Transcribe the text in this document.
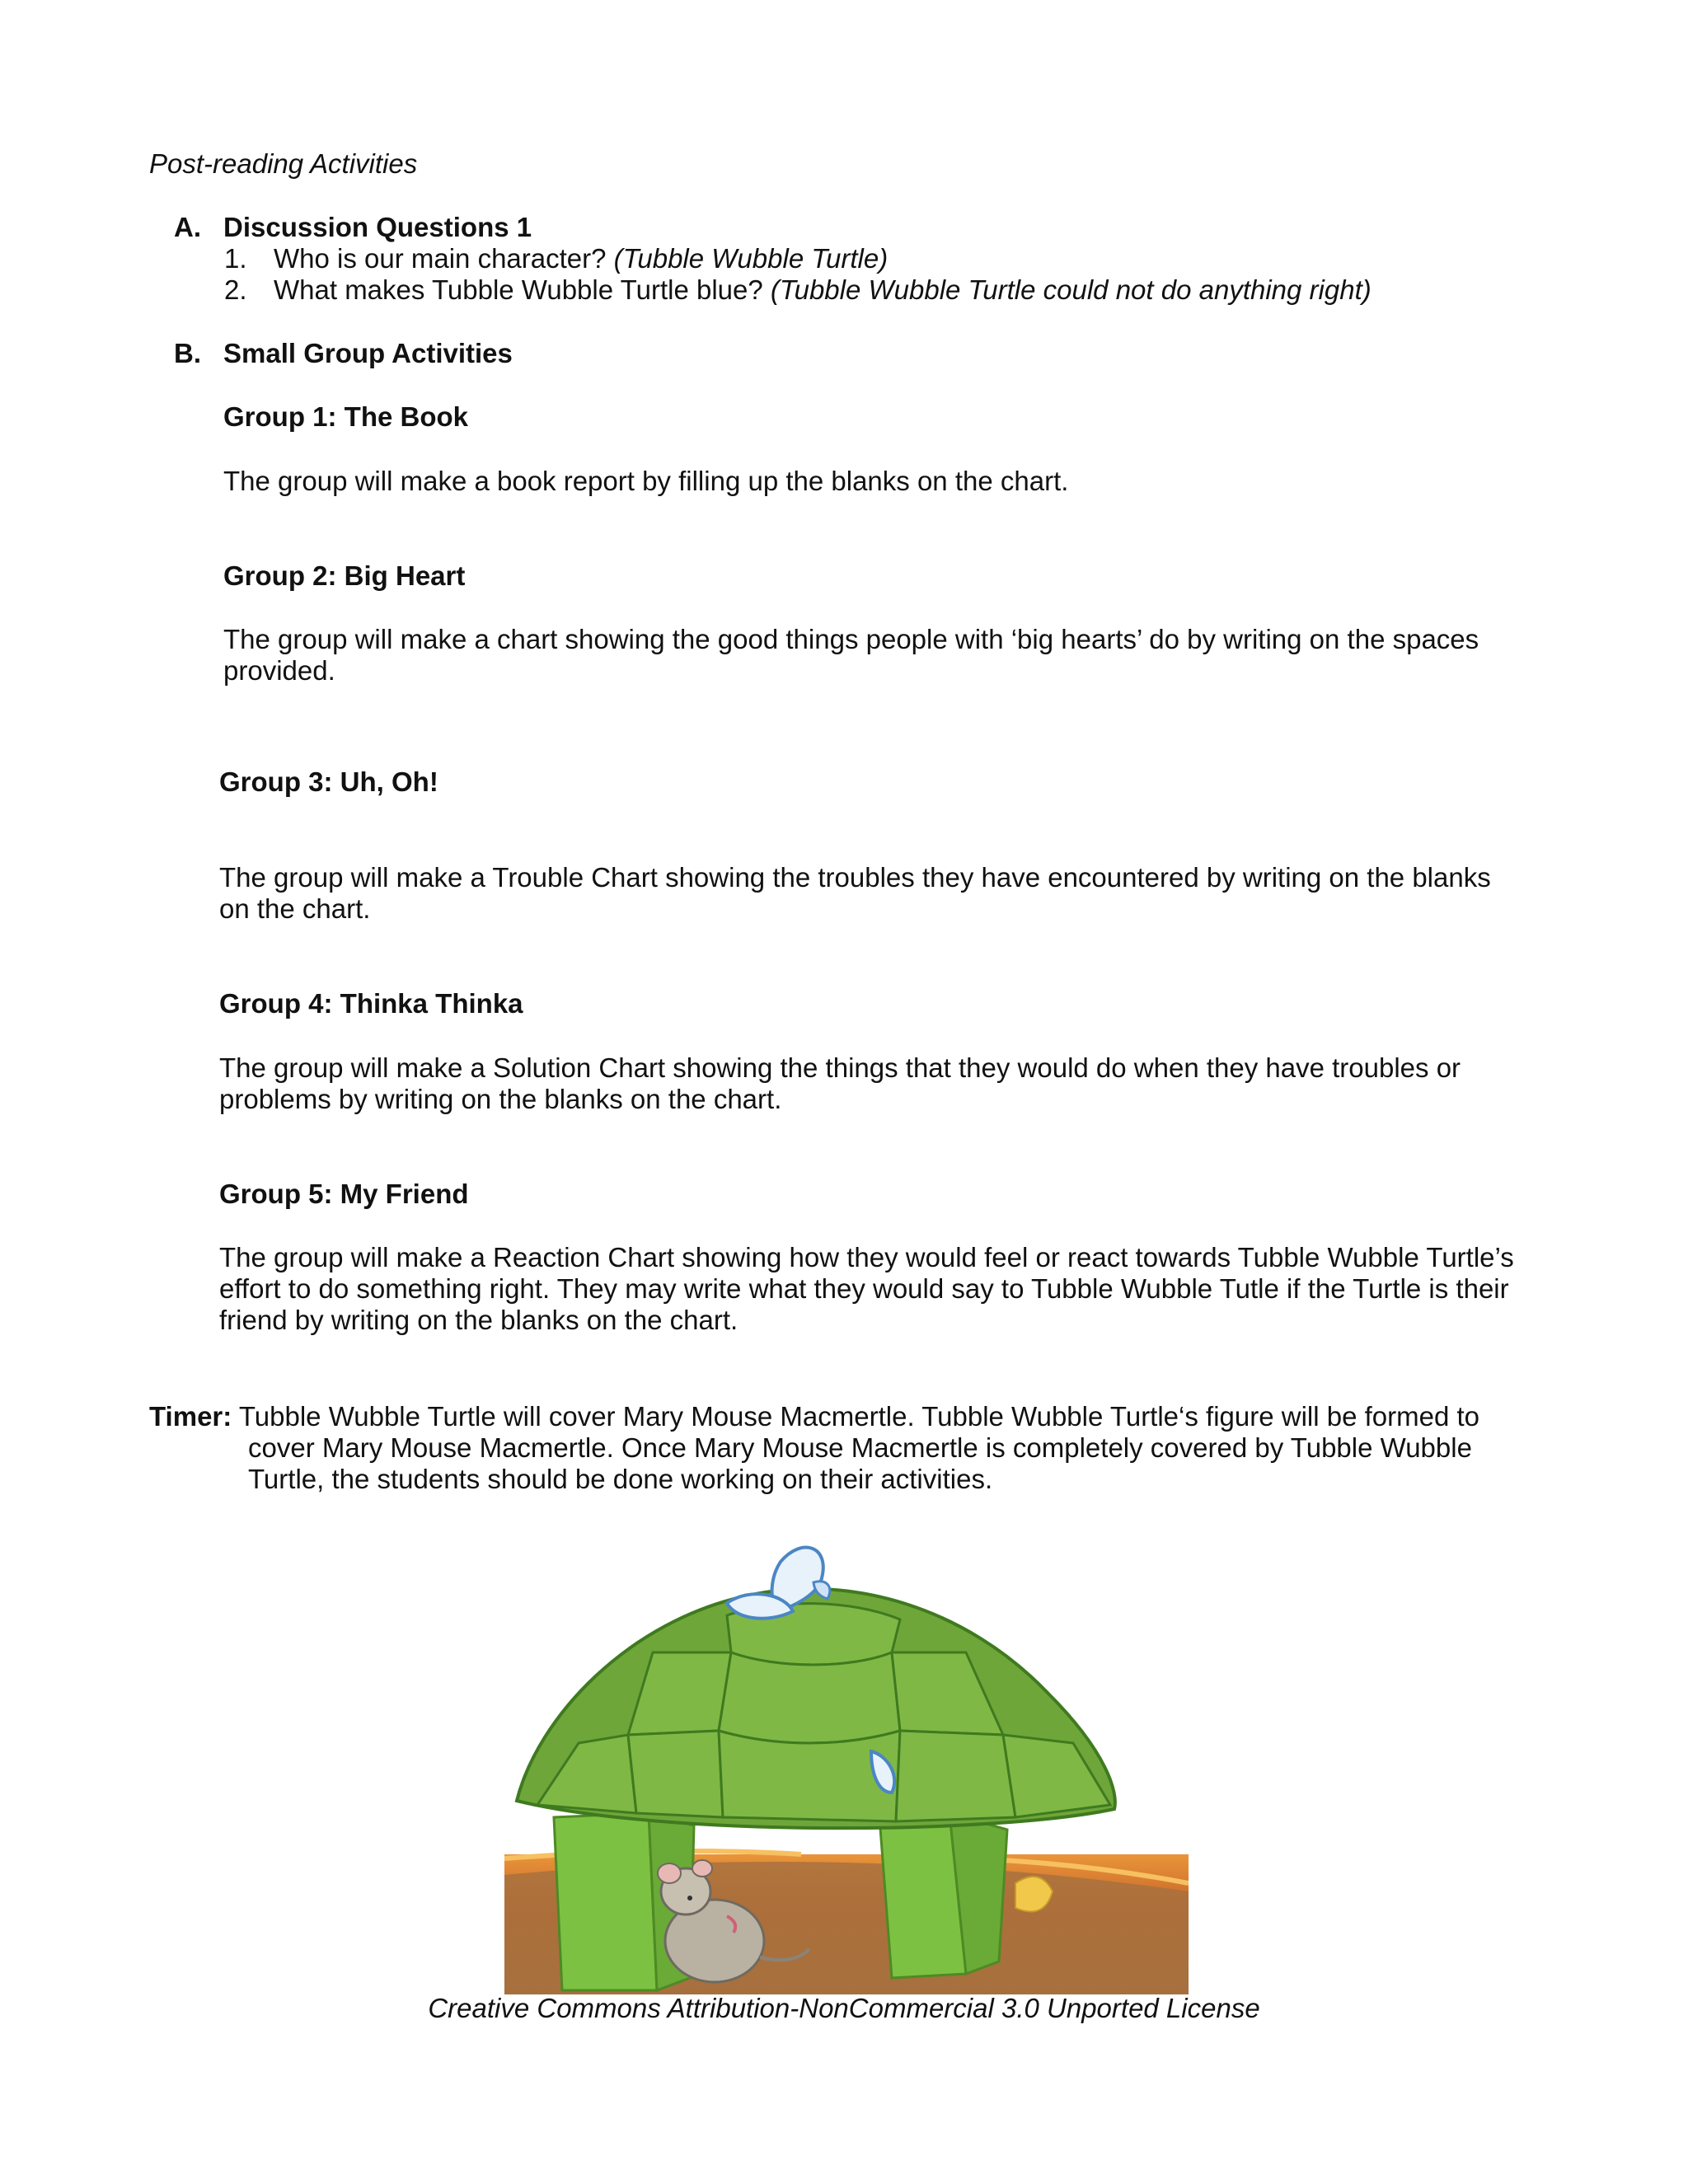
Post-reading Activities
A. Discussion Questions 1
1. Who is our main character? (Tubble Wubble Turtle)
2. What makes Tubble Wubble Turtle blue? (Tubble Wubble Turtle could not do anything right)
B. Small Group Activities
Group 1: The Book
The group will make a book report by filling up the blanks on the chart.
Group 2: Big Heart
The group will make a chart showing the good things people with ‘big hearts’ do by writing on the spaces provided.
Group 3: Uh, Oh!
The group will make a Trouble Chart showing the troubles they have encountered by writing on the blanks on the chart.
Group 4: Thinka Thinka
The group will make a Solution Chart showing the things that they would do when they have troubles or problems by writing on the blanks on the chart.
Group 5: My Friend
The group will make a Reaction Chart showing how they would feel or react towards Tubble Wubble Turtle’s effort to do something right. They may write what they would say to Tubble Wubble Tutle if the Turtle is their friend by writing on the blanks on the chart.
Timer: Tubble Wubble Turtle will cover Mary Mouse Macmertle. Tubble Wubble Turtle‘s figure will be formed to
cover Mary Mouse Macmertle. Once Mary Mouse Macmertle is completely covered by Tubble Wubble Turtle, the students should be done working on their activities.
Creative Commons Attribution-NonCommercial 3.0 Unported License
